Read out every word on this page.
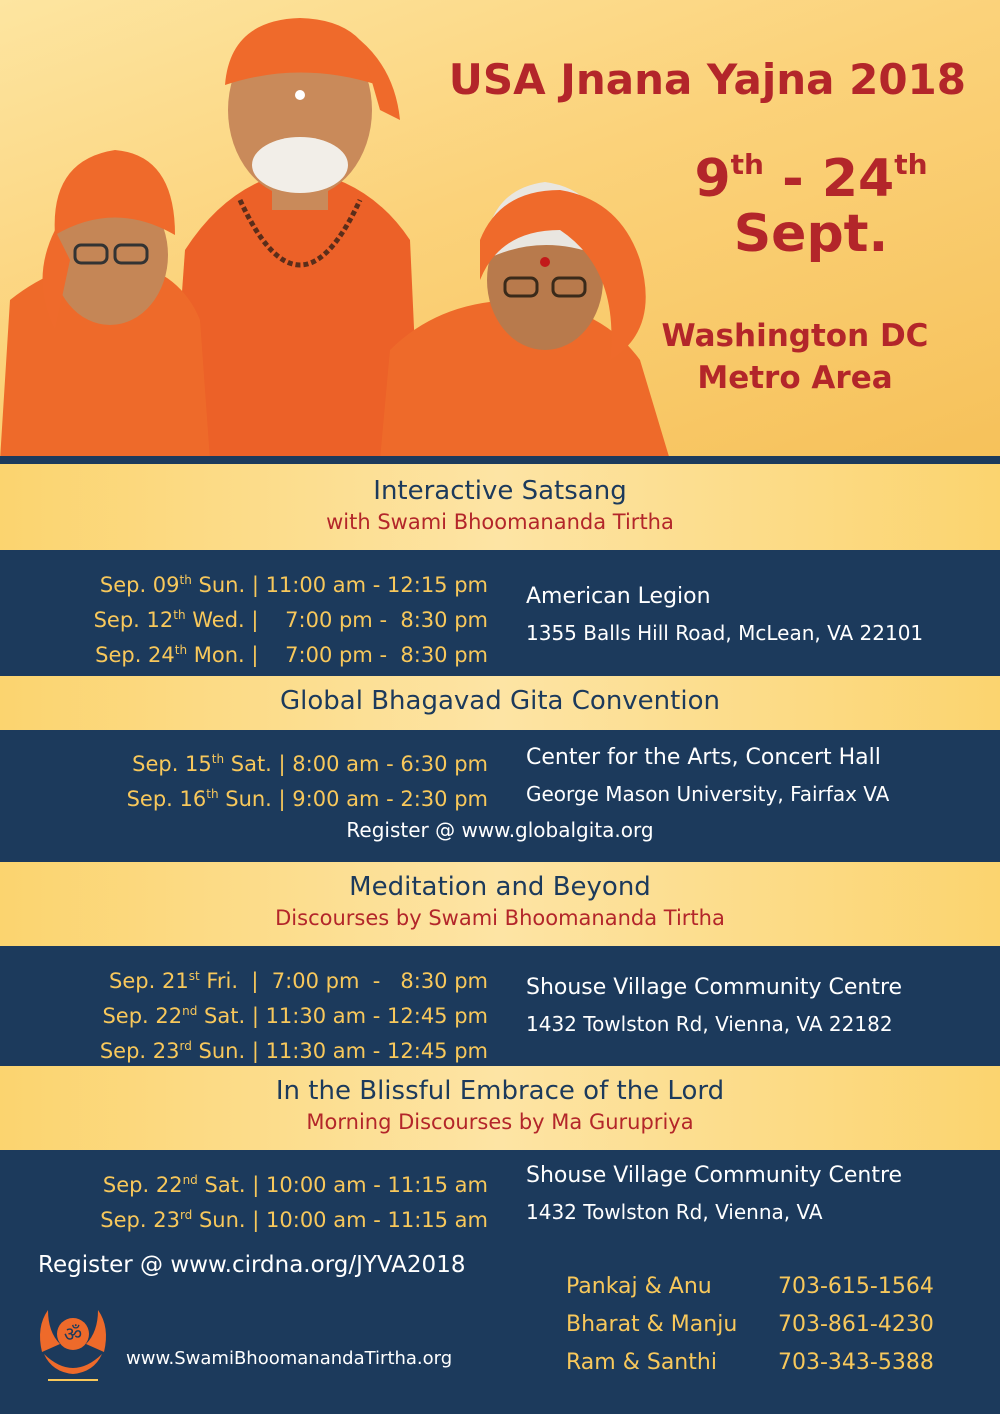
USA Jnana Yajna 2018
9th - 24th
Sept.
Washington DC
Metro Area
Interactive Satsang
with Swami Bhoomananda Tirtha
Sep. 09th Sun. | 11:00 am - 12:15 pm
Sep. 12th Wed. |    7:00 pm -  8:30 pm
Sep. 24th Mon. |    7:00 pm -  8:30 pm
American Legion
1355 Balls Hill Road, McLean, VA 22101
Global Bhagavad Gita Convention
Sep. 15th Sat. | 8:00 am - 6:30 pm
Sep. 16th Sun. | 9:00 am - 2:30 pm
Center for the Arts, Concert Hall
George Mason University, Fairfax VA
Register @ www.globalgita.org
Meditation and Beyond
Discourses by Swami Bhoomananda Tirtha
Sep. 21st Fri.  |  7:00 pm  -   8:30 pm
Sep. 22nd Sat. | 11:30 am - 12:45 pm
Sep. 23rd Sun. | 11:30 am - 12:45 pm
Shouse Village Community Centre
1432 Towlston Rd, Vienna, VA 22182
In the Blissful Embrace of the Lord
Morning Discourses by Ma Gurupriya
Sep. 22nd Sat. | 10:00 am - 11:15 am
Sep. 23rd Sun. | 10:00 am - 11:15 am
Shouse Village Community Centre
1432 Towlston Rd, Vienna, VA
Register @ www.cirdna.org/JYVA2018
ॐ
www.SwamiBhoomanandaTirtha.org
Pankaj & Anu	703-615-1564
Bharat & Manju	703-861-4230
Ram & Santhi	703-343-5388
